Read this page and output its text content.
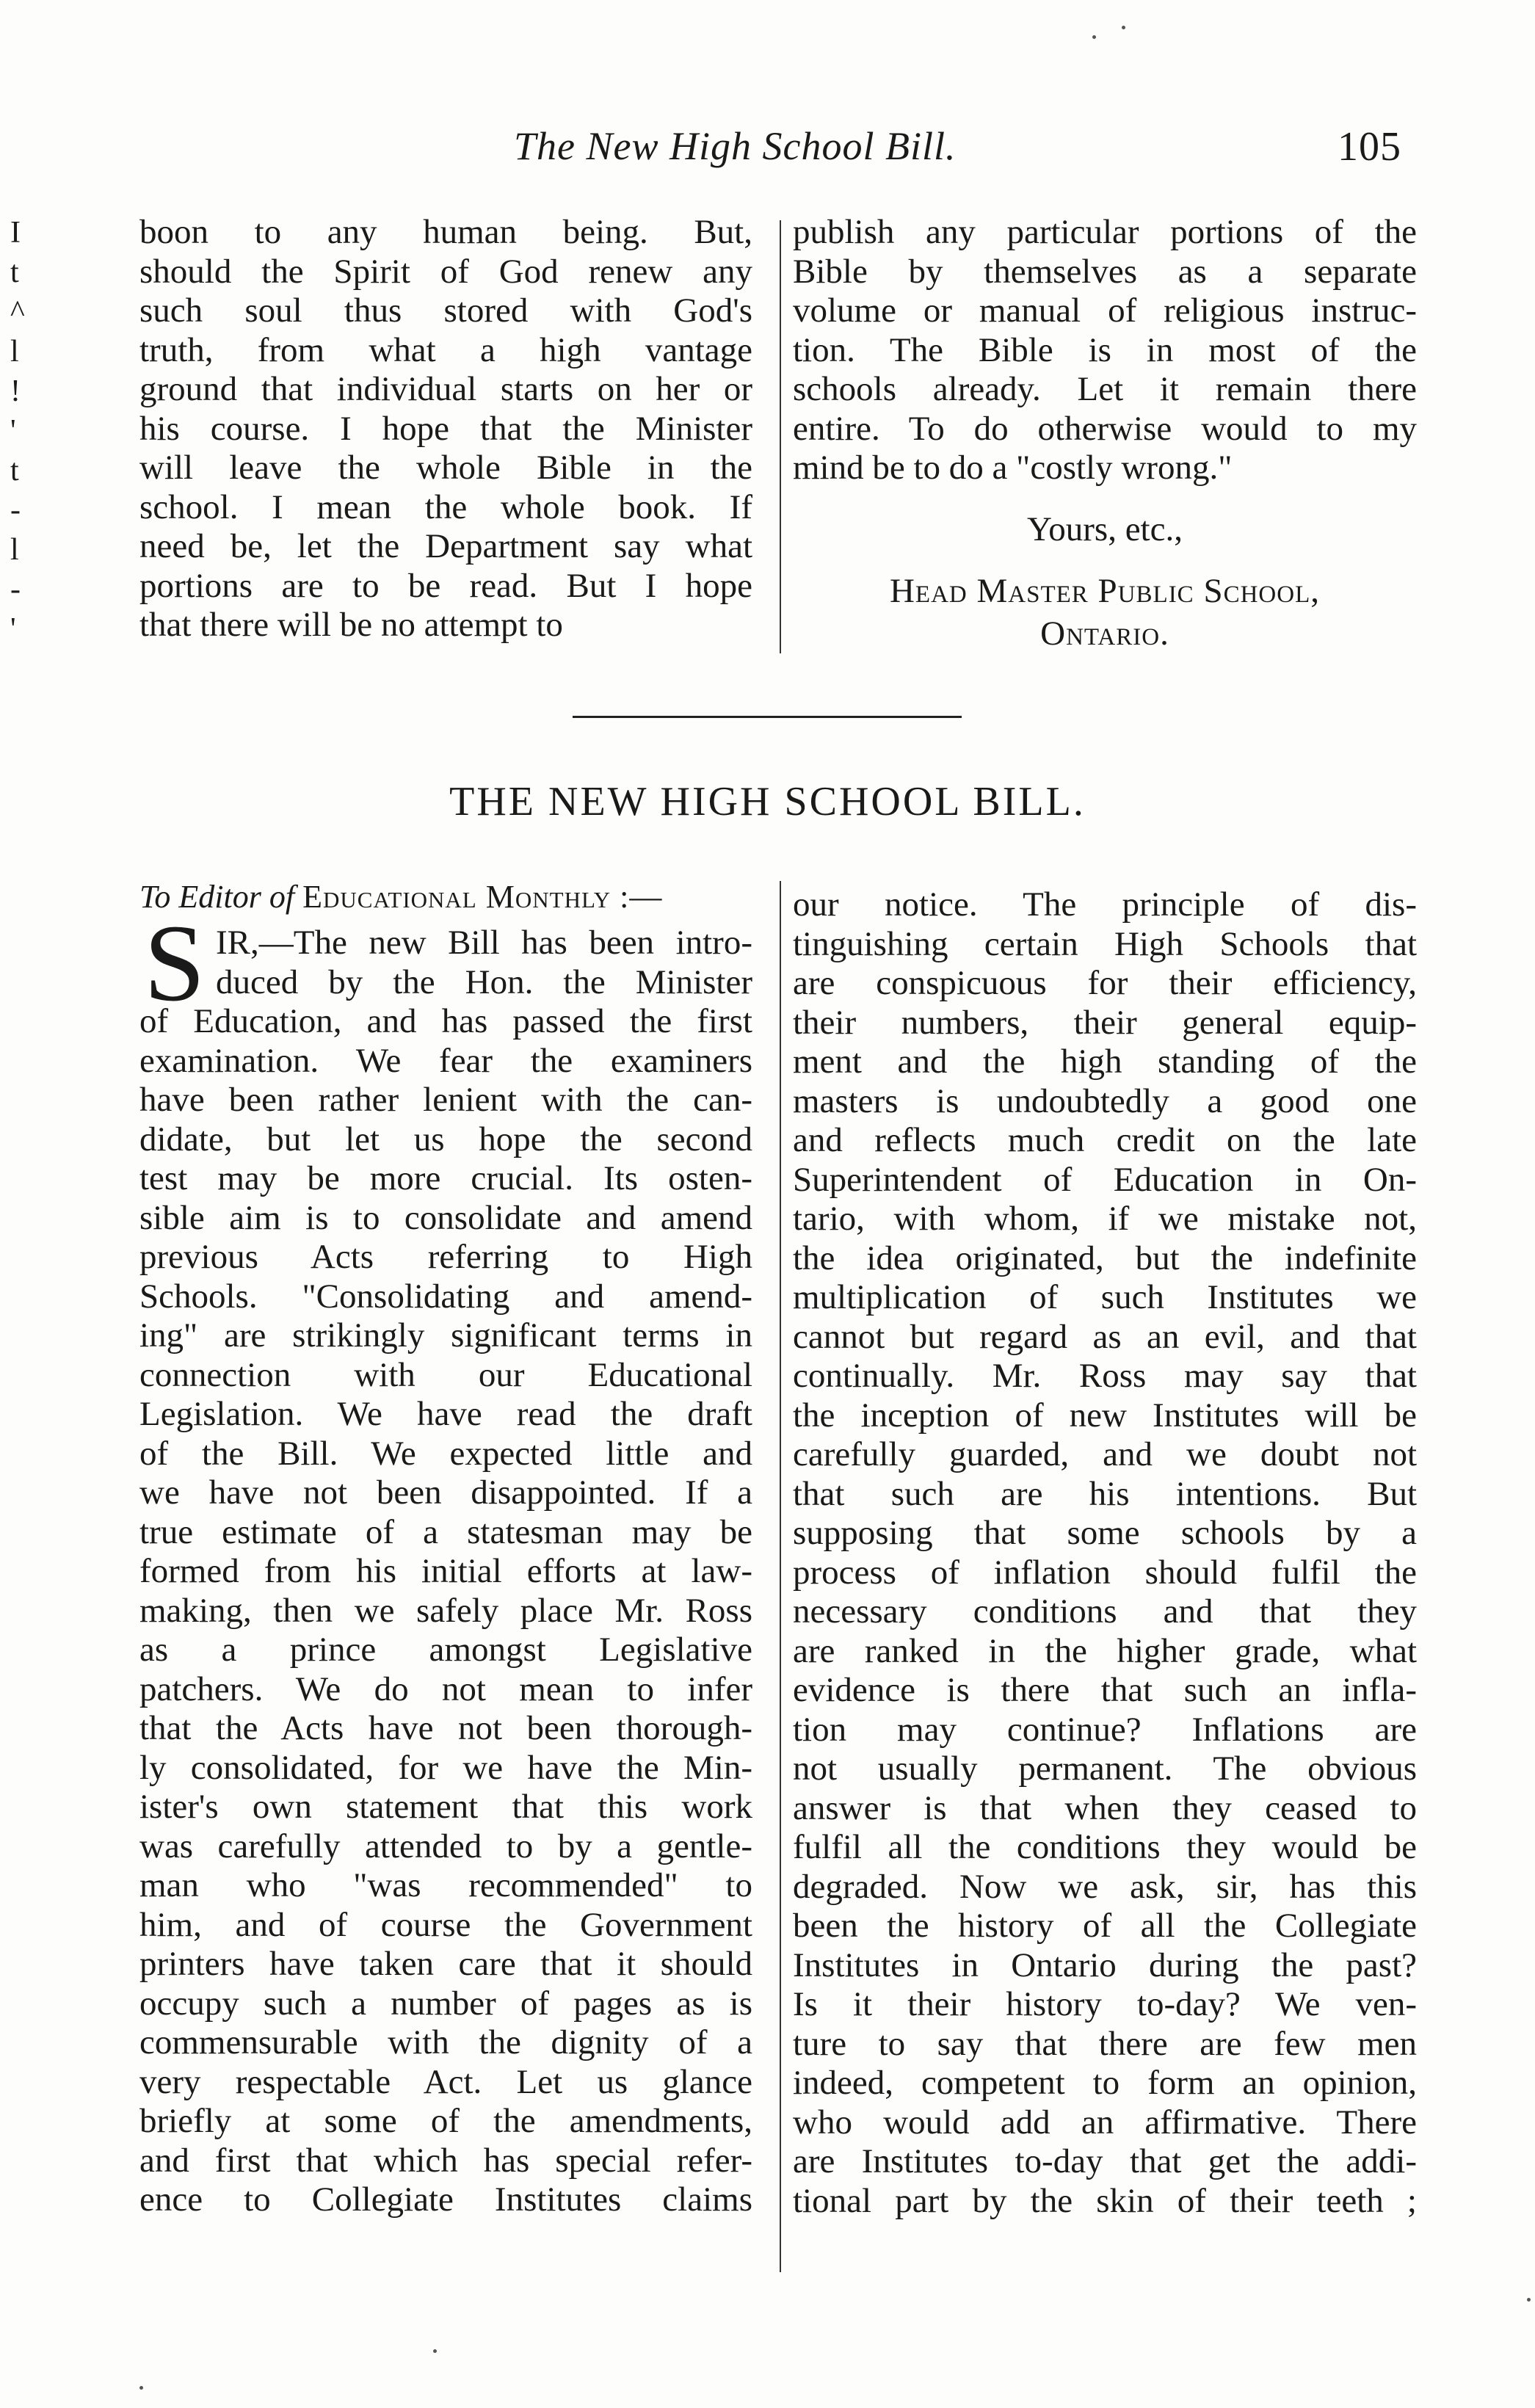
The New High School Bill.	105
I
t
^
l
!
'
t
-
l
-
'
boon to any human being. But,
should the Spirit of God renew any
such soul thus stored with God's
truth, from what a high vantage
ground that individual starts on her or
his course. I hope that the Minister
will leave the whole Bible in the
school. I mean the whole book. If
need be, let the Department say what
portions are to be read. But I hope
that there will be no attempt to
publish any particular portions of the
Bible by themselves as a separate
volume or manual of religious instruc-
tion. The Bible is in most of the
schools already. Let it remain there
entire. To do otherwise would to my
mind be to do a "costly wrong."
Yours, etc.,
Head Master Public School,
Ontario.
THE NEW HIGH SCHOOL BILL.
To Editor of Educational Monthly :—
S IR,—The new Bill has been intro-
duced by the Hon. the Minister
of Education, and has passed the first
examination. We fear the examiners
have been rather lenient with the can-
didate, but let us hope the second
test may be more crucial. Its osten-
sible aim is to consolidate and amend
previous Acts referring to High
Schools. "Consolidating and amend-
ing" are strikingly significant terms in
connection with our Educational
Legislation. We have read the draft
of the Bill. We expected little and
we have not been disappointed. If a
true estimate of a statesman may be
formed from his initial efforts at law-
making, then we safely place Mr. Ross
as a prince amongst Legislative
patchers. We do not mean to infer
that the Acts have not been thorough-
ly consolidated, for we have the Min-
ister's own statement that this work
was carefully attended to by a gentle-
man who "was recommended" to
him, and of course the Government
printers have taken care that it should
occupy such a number of pages as is
commensurable with the dignity of a
very respectable Act. Let us glance
briefly at some of the amendments,
and first that which has special refer-
ence to Collegiate Institutes claims
our notice. The principle of dis-
tinguishing certain High Schools that
are conspicuous for their efficiency,
their numbers, their general equip-
ment and the high standing of the
masters is undoubtedly a good one
and reflects much credit on the late
Superintendent of Education in On-
tario, with whom, if we mistake not,
the idea originated, but the indefinite
multiplication of such Institutes we
cannot but regard as an evil, and that
continually. Mr. Ross may say that
the inception of new Institutes will be
carefully guarded, and we doubt not
that such are his intentions. But
supposing that some schools by a
process of inflation should fulfil the
necessary conditions and that they
are ranked in the higher grade, what
evidence is there that such an infla-
tion may continue? Inflations are
not usually permanent. The obvious
answer is that when they ceased to
fulfil all the conditions they would be
degraded. Now we ask, sir, has this
been the history of all the Collegiate
Institutes in Ontario during the past?
Is it their history to-day? We ven-
ture to say that there are few men
indeed, competent to form an opinion,
who would add an affirmative. There
are Institutes to-day that get the addi-
tional part by the skin of their teeth ;
